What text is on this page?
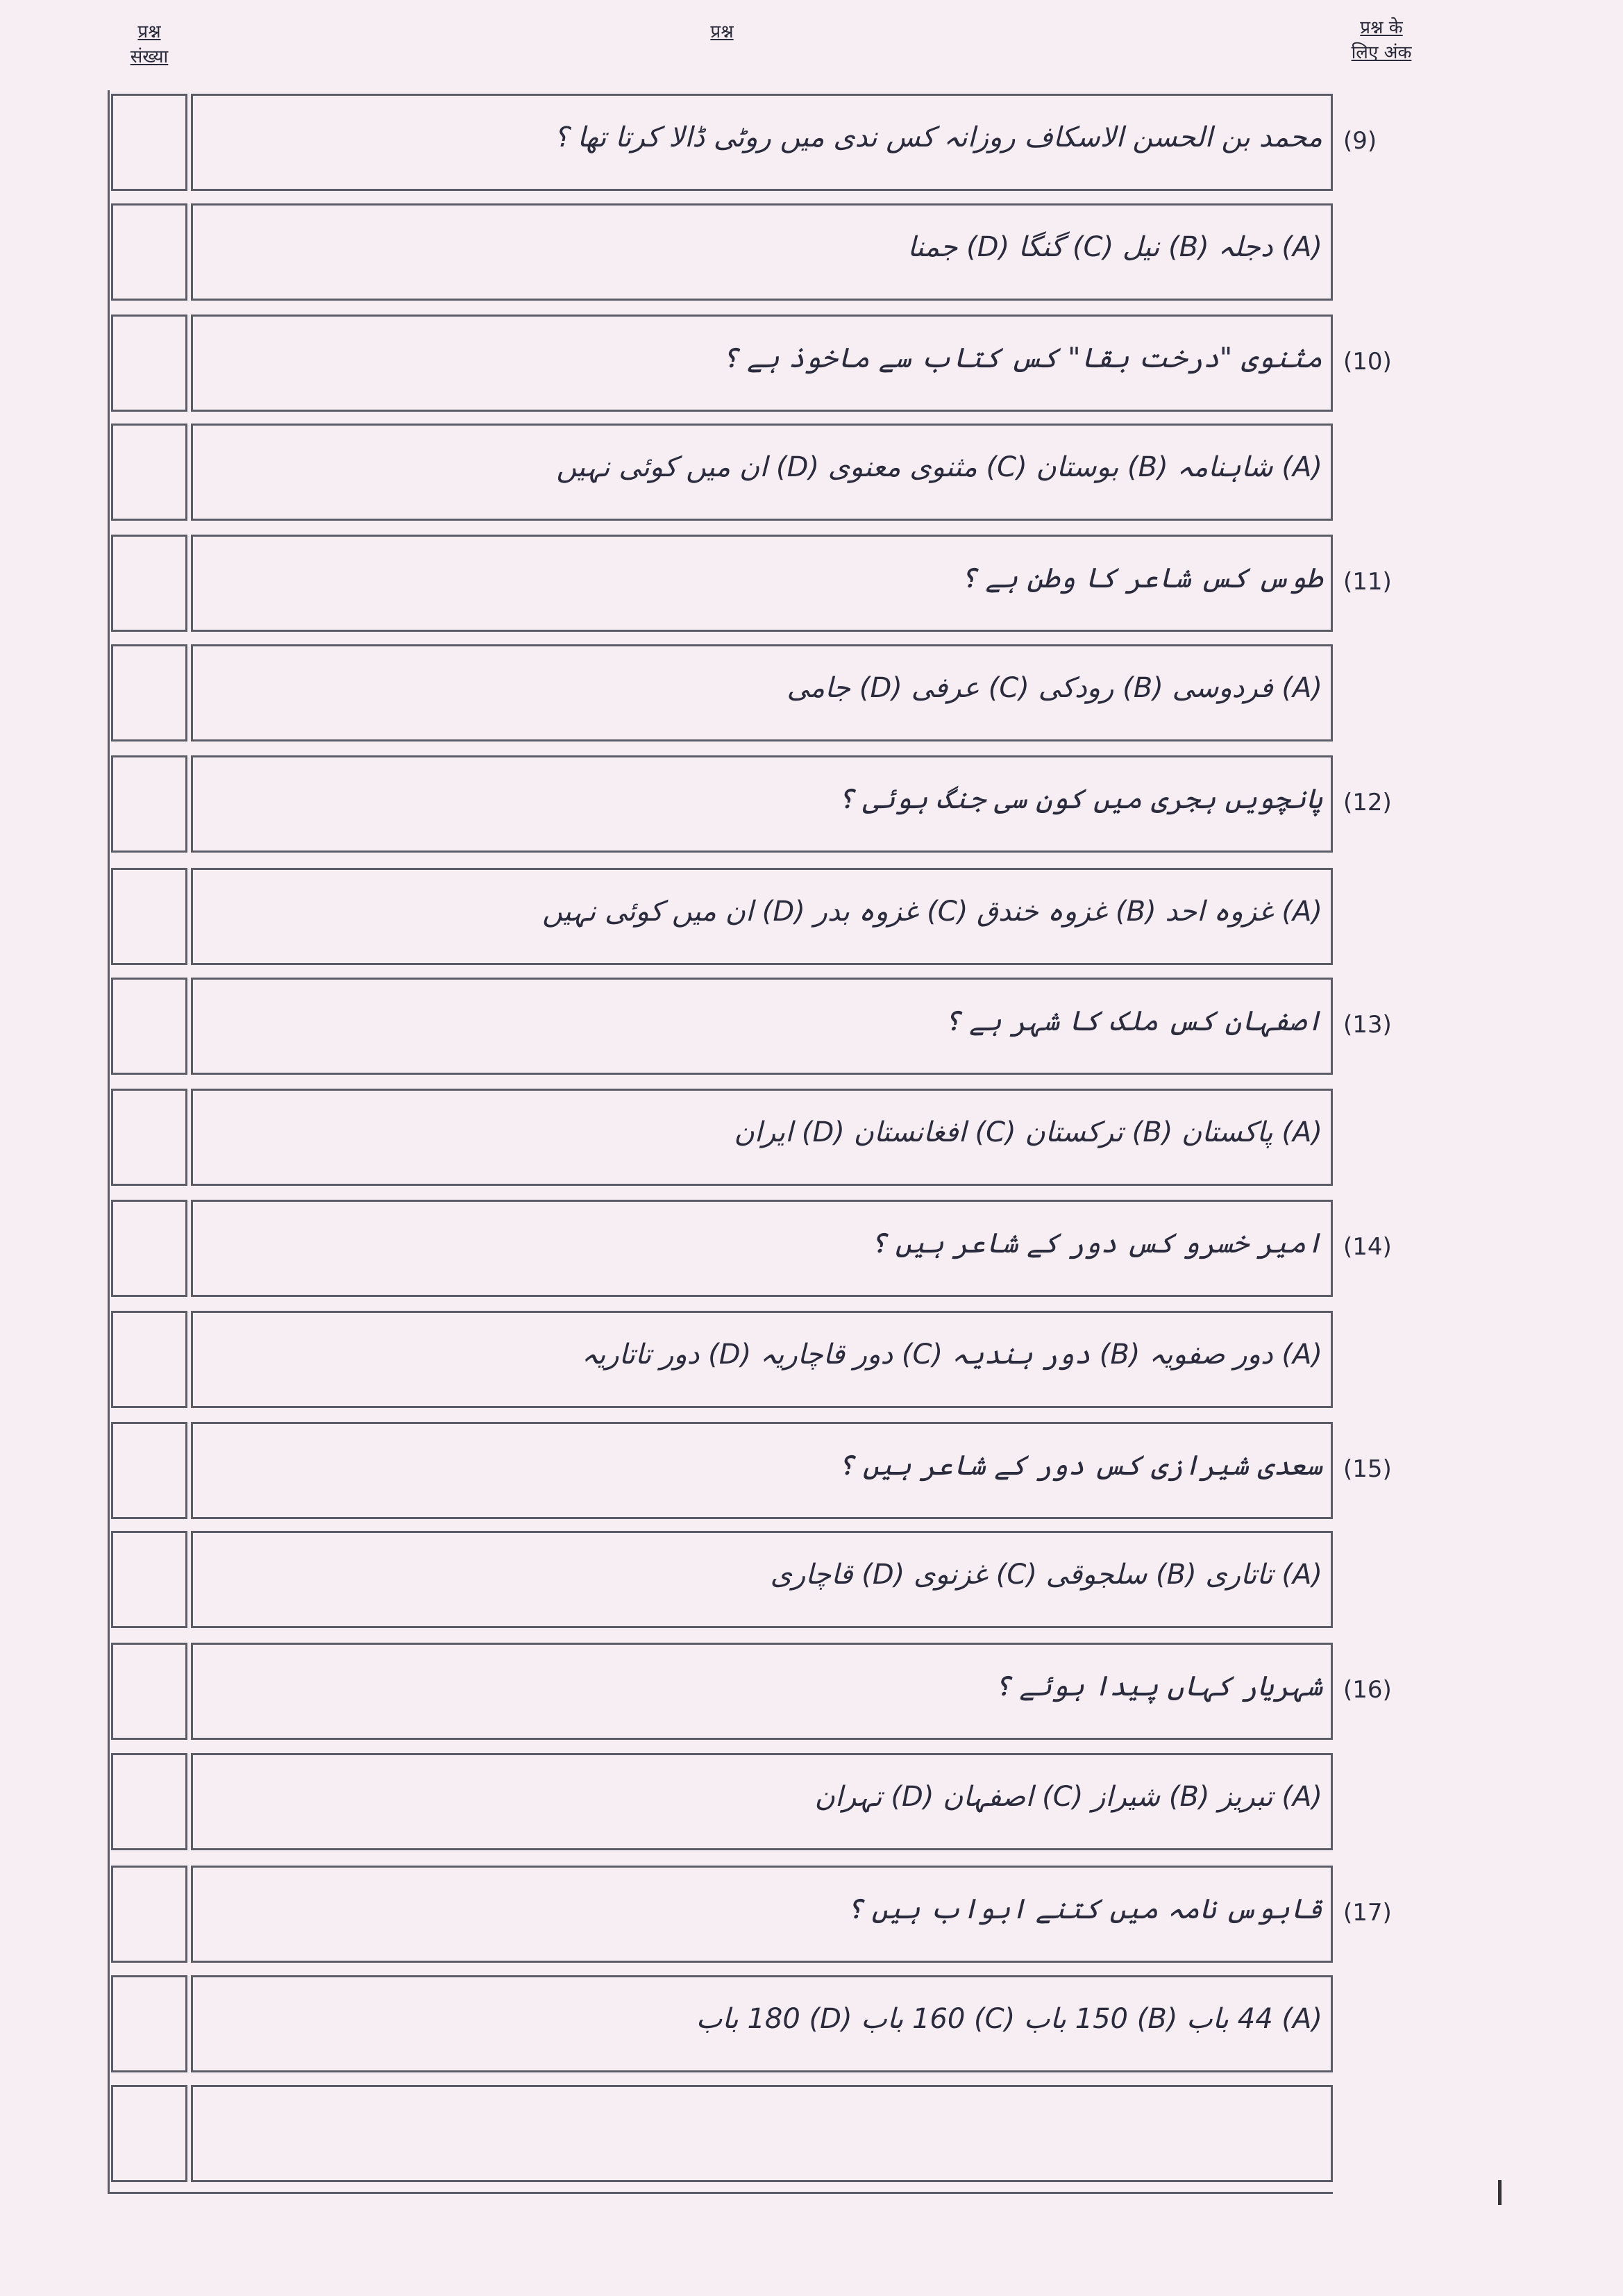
प्रश्न
संख्या
प्रश्न	प्रश्न के
लिए अंक
محمد بن الحسن الاسکاف روزانہ کس ندی میں روٹی ڈالا کرتا تھا ؟ (9)
(A) دجلہ (B) نیل (C) گنگا (D) جمنا
مثنوی "درخت بقا" کس کتاب سے ماخوذ ہے ؟ (10)
(A) شاہنامہ (B) بوستان (C) مثنوی معنوی (D) ان میں کوئی نہیں
طوس کس شاعر کا وطن ہے ؟ (11)
(A) فردوسی (B) رودکی (C) عرفی (D) جامی
پانچویں ہجری میں کون سی جنگ ہوئی ؟ (12)
(A) غزوہ احد (B) غزوہ خندق (C) غزوہ بدر (D) ان میں کوئی نہیں
اصفہان کس ملک کا شہر ہے ؟ (13)
(A) پاکستان (B) ترکستان (C) افغانستان (D) ایران
امیر خسرو کس دور کے شاعر ہیں ؟ (14)
(A) دور صفویہ (B) دور ہندیہ (C) دور قاچاریہ (D) دور تاتاریہ
سعدی شیرازی کس دور کے شاعر ہیں ؟ (15)
(A) تاتاری (B) سلجوقی (C) غزنوی (D) قاچاری
شہریار کہاں پیدا ہوئے ؟ (16)
(A) تبریز (B) شیراز (C) اصفہان (D) تہران
قابوس نامہ میں کتنے ابواب ہیں ؟ (17)
(A) 44 باب (B) 150 باب (C) 160 باب (D) 180 باب
